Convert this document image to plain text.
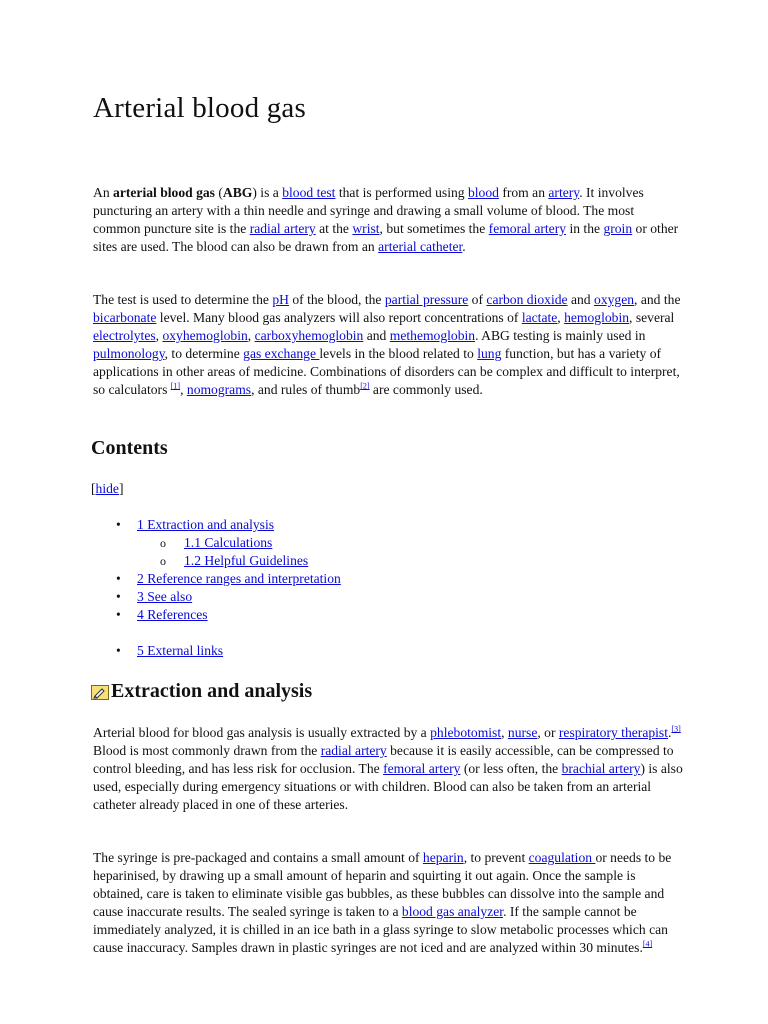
Arterial blood gas

An arterial blood gas (ABG) is a blood test that is performed using blood from an artery. It involves puncturing an artery with a thin needle and syringe and drawing a small volume of blood. The most common puncture site is the radial artery at the wrist, but sometimes the femoral artery in the groin or other sites are used. The blood can also be drawn from an arterial catheter.

The test is used to determine the pH of the blood, the partial pressure of carbon dioxide and oxygen, and the bicarbonate level. Many blood gas analyzers will also report concentrations of lactate, hemoglobin, several electrolytes, oxyhemoglobin, carboxyhemoglobin and methemoglobin. ABG testing is mainly used in pulmonology, to determine gas exchange levels in the blood related to lung function, but has a variety of applications in other areas of medicine. Combinations of disorders can be complex and difficult to interpret, so calculators [1], nomograms, and rules of thumb[2] are commonly used.

Contents
[hide]
• 1 Extraction and analysis
o 1.1 Calculations
o 1.2 Helpful Guidelines
• 2 Reference ranges and interpretation
• 3 See also
• 4 References
• 5 External links
Extraction and analysis

Arterial blood for blood gas analysis is usually extracted by a phlebotomist, nurse, or respiratory therapist.[3] Blood is most commonly drawn from the radial artery because it is easily accessible, can be compressed to control bleeding, and has less risk for occlusion. The femoral artery (or less often, the brachial artery) is also used, especially during emergency situations or with children. Blood can also be taken from an arterial catheter already placed in one of these arteries.

The syringe is pre-packaged and contains a small amount of heparin, to prevent coagulation or needs to be heparinised, by drawing up a small amount of heparin and squirting it out again. Once the sample is obtained, care is taken to eliminate visible gas bubbles, as these bubbles can dissolve into the sample and cause inaccurate results. The sealed syringe is taken to a blood gas analyzer. If the sample cannot be immediately analyzed, it is chilled in an ice bath in a glass syringe to slow metabolic processes which can cause inaccuracy. Samples drawn in plastic syringes are not iced and are analyzed within 30 minutes.[4]
